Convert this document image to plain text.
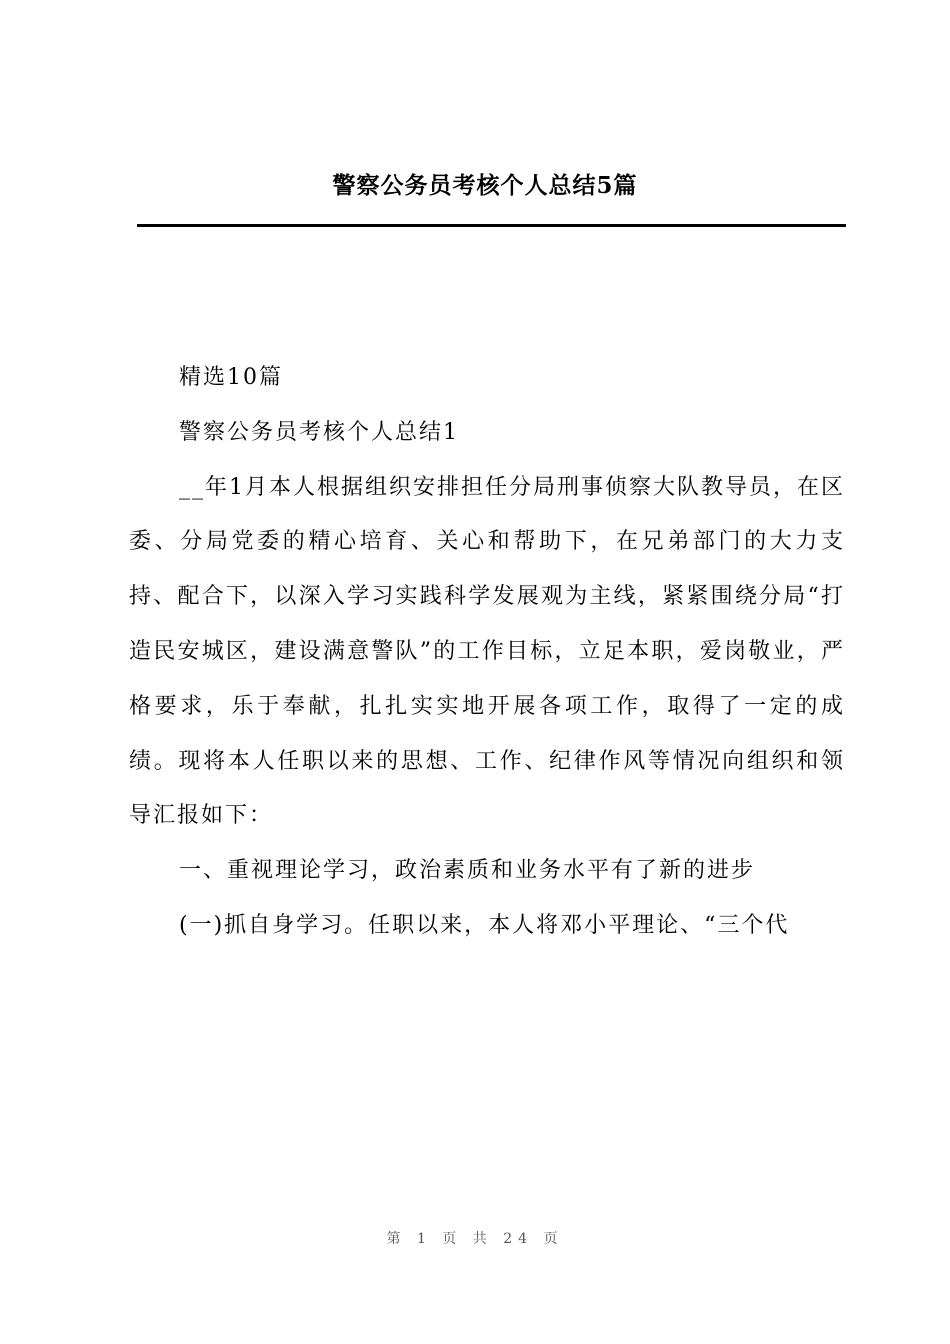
警察公务员考核个人总结5篇

精选10篇

警察公务员考核个人总结1

__年1月本人根据组织安排担任分局刑事侦察大队教导员，在区委、分局党委的精心培育、关心和帮助下，在兄弟部门的大力支持、配合下，以深入学习实践科学发展观为主线，紧紧围绕分局“打造民安城区，建设满意警队”的工作目标，立足本职，爱岗敬业，严格要求，乐于奉献，扎扎实实地开展各项工作，取得了一定的成绩。现将本人任职以来的思想、工作、纪律作风等情况向组织和领导汇报如下：

一、重视理论学习，政治素质和业务水平有了新的进步

(一)抓自身学习。任职以来，本人将邓小平理论、“三个代

第 1 页 共 24 页
